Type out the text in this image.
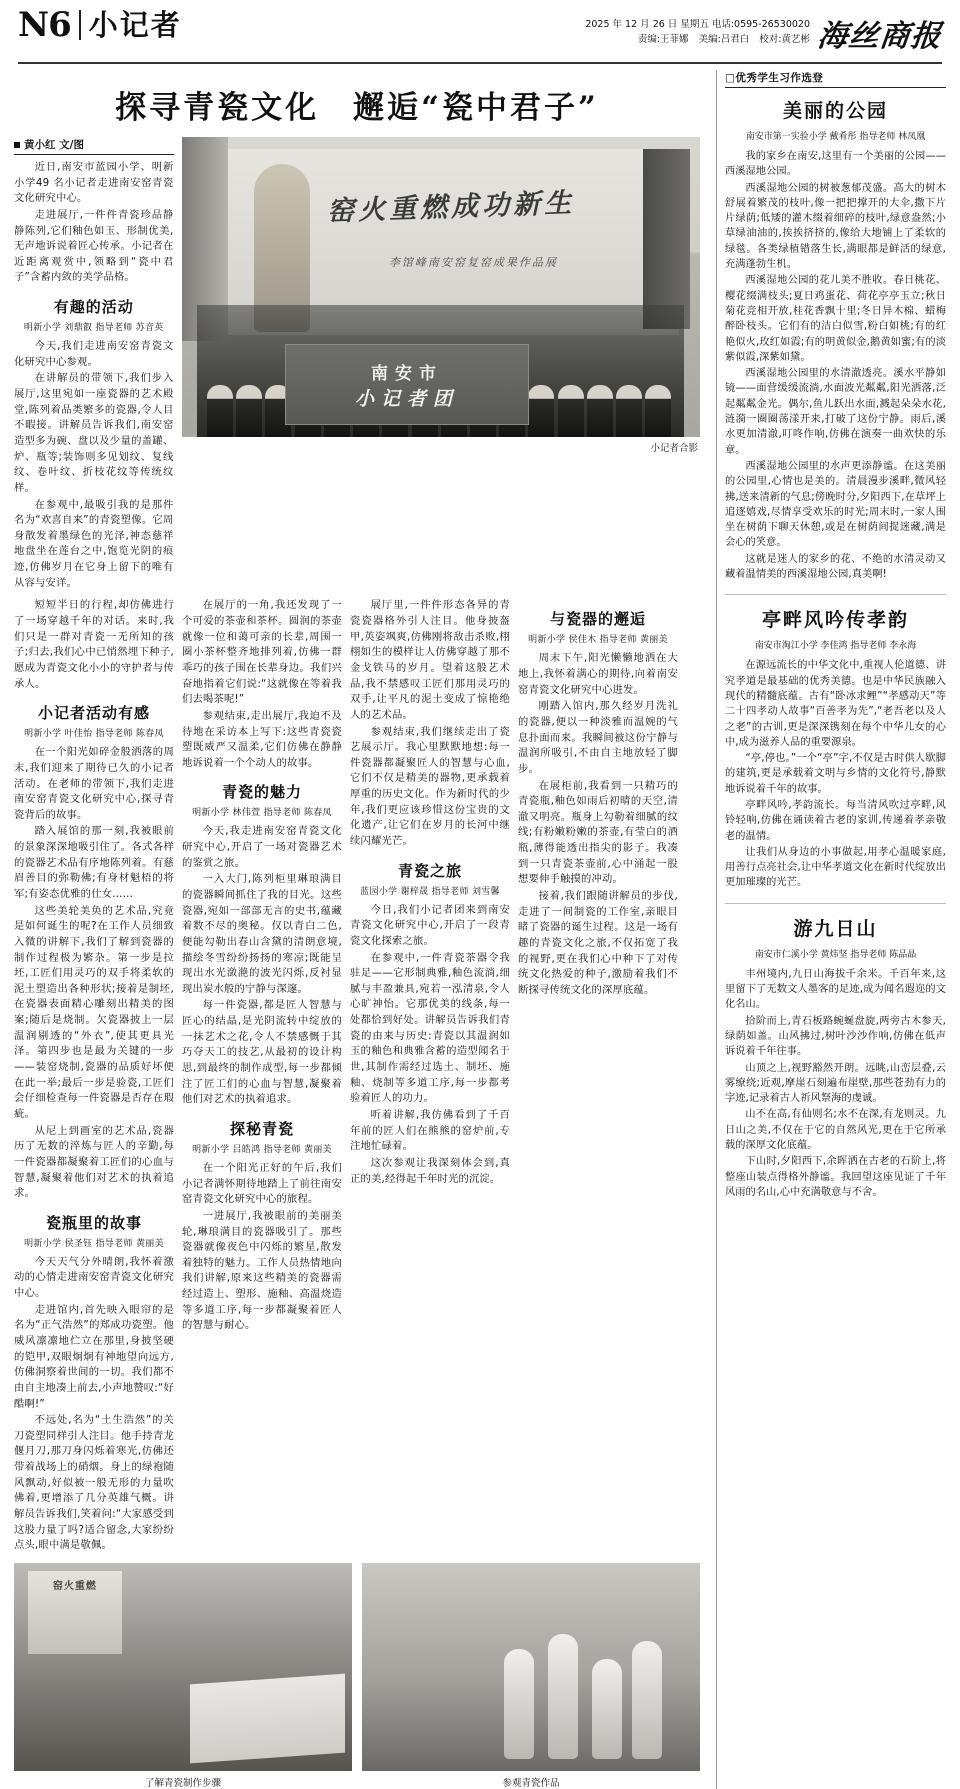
N6 小记者	2025 年 12 月 26 日 星期五 电话:0595-26530020
责编:王菲娜 美编:吕君白 校对:黄艺彬 海丝商报
探寻青瓷文化　邂逅“瓷中君子”
黄小红 文/图

近日,南安市蓝园小学、明新小学49 名小记者走进南安窑青瓷文化研究中心。

走进展厅,一件件青瓷珍品静静陈列,它们釉色如玉、形制优美,无声地诉说着匠心传承。小记者在近距离观赏中,领略到“瓷中君子”含蓄内敛的美学品格。

有趣的活动
明新小学 刘鼎叡 指导老师 苏音英

今天,我们走进南安窑青瓷文化研究中心参观。

在讲解员的带领下,我们步入展厅,这里宛如一座瓷器的艺术殿堂,陈列着品类繁多的瓷器,令人目不暇接。讲解员告诉我们,南安窑造型多为碗、盘以及少量的盖罐、炉、瓶等;装饰则多见划纹、复线纹、卷叶纹、折枝花纹等传统纹样。

在参观中,最吸引我的是那件名为“欢喜自来”的青瓷塑像。它周身散发着墨绿色的光泽,神态慈祥地盘坐在莲台之中,饱览光阴的痕迹,仿佛岁月在它身上留下的唯有从容与安详。

窑火重燃成功新生
李馆峰南安窑复窑成果作品展
南安市
小记者团
小记者合影

短短半日的行程,却仿佛进行了一场穿越千年的对话。来时,我们只是一群对青瓷一无所知的孩子;归去,我们心中已悄然埋下种子,愿成为青瓷文化小小的守护者与传承人。

小记者活动有感
明新小学 叶佳怡 指导老师 陈春凤

在一个阳光如碎金般洒落的周末,我们迎来了期待已久的小记者活动。在老师的带领下,我们走进南安窑青瓷文化研究中心,探寻青瓷背后的故事。

踏入展馆的那一刻,我被眼前的景象深深地吸引住了。各式各样的瓷器艺术品有序地陈列着。有慈眉善目的弥勒佛;有身材魁梧的将军;有姿态优雅的仕女……

这些美轮美奂的艺术品,究竟是如何诞生的呢?在工作人员细致入微的讲解下,我们了解到瓷器的制作过程极为繁杂。第一步是拉坯,工匠们用灵巧的双手将柔软的泥土塑造出各种形状;接着是制坯,在瓷器表面精心雕刻出精美的图案;随后是烧制。欠瓷器披上一层温润剔透的“外衣”,使其更具光泽。第四步也是最为关键的一步——装窑烧制,瓷器的品质好坏便在此一举;最后一步是验瓷,工匠们会仔细检查每一件瓷器是否存在瑕疵。

从尼上到画室的艺术品,瓷器历了无数的淬炼与匠人的辛勤,每一件瓷器都凝聚着工匠们的心血与智慧,凝聚着他们对艺术的执着追求。

瓷瓶里的故事
明新小学 侯圣钰 指导老师 黄丽美

今天天气分外晴朗,我怀着激动的心情走进南安窑青瓷文化研究中心。

走进馆内,首先映入眼帘的是名为“正气浩然”的郑成功瓷塑。他威风凛凛地伫立在那里,身披坚硬的铠甲,双眼炯炯有神地望向远方,仿佛洞察着世间的一切。我们都不由自主地凑上前去,小声地赞叹:“好酷啊!”

不远处,名为“土生浩然”的关刀瓷塑同样引人注目。他手持青龙偃月刀,那刀身闪烁着寒光,仿佛还带着战场上的硝烟。身上的绿袍随风飘动,好似被一般无形的力量吹佛着,更增添了几分英雄气概。讲解员告诉我们,笑着问:“大家感受到这股力量了吗?适合留念,大家纷纷点头,眼中满是敬佩。

在展厅的一角,我还发现了一个可爱的茶壶和茶杯。圆润的茶壶就像一位和蔼可亲的长辈,周围一圈小茶杯整齐地排列着,仿佛一群乖巧的孩子围在长辈身边。我们兴奋地指着它们说:“这就像在等着我们去喝茶呢!”

参观结束,走出展厅,我迫不及待地在采访本上写下:这些青瓷瓷塑既威严又温柔,它们仿佛在静静地诉说着一个个动人的故事。

青瓷的魅力
明新小学 林伟萱 指导老师 陈春凤

今天,我走进南安窑青瓷文化研究中心,开启了一场对瓷器艺术的鉴赏之旅。

一入大门,陈列柜里琳琅满目的瓷器瞬间抓住了我的目光。这些瓷器,宛如一部部无言的史书,蕴藏着数不尽的奥秘。仅以青白二色,便能勾勒出春山含黛的清朗意境,描绘冬雪纷纷扬扬的寒凉;既能呈现出水光潋滟的波光闪烁,反衬显现出炭水般的宁静与深邃。

每一件瓷器,都是匠人智慧与匠心的结晶,是光阴流转中绽放的一抹艺术之花,令人不禁感慨于其巧夺天工的技艺,从最初的设计构思,到最终的制作成型,每一步都倾注了匠工们的心血与智慧,凝聚着他们对艺术的执着追求。

探秘青瓷
明新小学 吕皓鸿 指导老师 黄丽美

在一个阳光正好的午后,我们小记者满怀期待地踏上了前往南安窑青瓷文化研究中心的旅程。

一进展厅,我被眼前的美丽美轮,琳琅满目的瓷器吸引了。那些瓷器就像夜色中闪烁的繁星,散发着独特的魅力。工作人员热情地向我们讲解,原来这些精美的瓷器需经过造上、塑形、施釉、高温烧造等多道工序,每一步都凝聚着匠人的智慧与耐心。

展厅里,一件件形态各异的青瓷瓷器格外引人注目。他身披盔甲,英姿飒爽,仿佛刚将敌击杀败,栩栩如生的模样让人仿佛穿越了那不金戈铁马的岁月。望着这般艺术品,我不禁感叹工匠们那用灵巧的双手,让平凡的泥土变成了惊艳绝人的艺术品。

参观结束,我们继续走出了瓷艺展示厅。我心里默默地想:每一件瓷器都凝聚匠人的智慧与心血,它们不仅是精美的器物,更承载着厚重的历史文化。作为新时代的少年,我们更应该珍惜这份宝贵的文化遗产,让它们在岁月的长河中继续闪耀光芒。

青瓷之旅
蓝园小学 谢梓晟 指导老师 刘雪馨

今日,我们小记者团来到南安青瓷文化研究中心,开启了一段青瓷文化探索之旅。

在参观中,一件青瓷茶器令我驻足——它形制典雅,釉色流淌,细腻与丰盈兼具,宛若一泓清泉,令人心旷神怡。它那优美的线条,每一处都恰到好处。讲解员告诉我们青瓷的由来与历史:青瓷以其温润如玉的釉色和典雅含蓄的造型闻名于世,其制作需经过选土、制坯、施釉、烧制等多道工序,每一步都考验着匠人的功力。

听着讲解,我仿佛看到了千百年前的匠人们在熊熊的窑炉前,专注地忙碌着。

这次参观让我深刻体会到,真正的美,经得起千年时光的沉淀。

与瓷器的邂逅
明新小学 侯佳木 指导老师 黄丽美

周末下午,阳光懒懒地洒在大地上,我怀着满心的期待,向着南安窑青瓷文化研究中心进发。

刚踏入馆内,那久经岁月洗礼的瓷器,便以一种淡雅而温婉的气息扑面而来。我瞬间被这份宁静与温润所吸引,不由自主地放轻了脚步。

在展柜前,我看到一只精巧的青瓷瓶,釉色如雨后初晴的天空,清澈又明亮。瓶身上勾勒着细腻的纹线;有粉嫩粉嫩的茶壶,有莹白的酒瓶,薄得能透出指尖的影子。我凑到一只青瓷茶壶前,心中涌起一股想要伸手触摸的冲动。

接着,我们跟随讲解员的步伐,走进了一间制瓷的工作室,亲眼目睹了瓷器的诞生过程。这是一场有趣的青瓷文化之旅,不仅拓宽了我的视野,更在我们心中种下了对传统文化热爱的种子,激励着我们不断探寻传统文化的深厚底蕴。

窑火重燃
了解青瓷制作步骤	参观青瓷作品
□优秀学生习作选登
美丽的公园
南安市第一实验小学 戴肴彤 指导老师 林凤凰

我的家乡在南安,这里有一个美丽的公园——西溪湿地公园。

西溪湿地公园的树被葱郁茂盛。高大的树木舒展着繁茂的枝叶,像一把把撑开的大伞,撒下片片绿荫;低矮的灌木缀着细碎的枝叶,绿意盎然;小草绿油油的,挨挨挤挤的,像给大地铺上了柔软的绿毯。各类绿植错落生长,满眼都是鲜活的绿意,充满蓬勃生机。

西溪湿地公园的花儿美不胜收。春日桃花、樱花缀满枝头;夏日鸡蛋花、荷花亭亭玉立;秋日菊花竞相开放,桂花香飘十里;冬日异木棉、蜡梅醉卧枝头。它们有的洁白似雪,粉白如桃;有的红艳似火,玫红如霞;有的明黄似金,鹅黄如蜜;有的淡紫似霞,深紫如黛。

西溪湿地公园里的水清澈透亮。溪水平静如镜——面营缓缓流淌,水面波光粼粼,阳光洒落,泛起粼粼金光。偶尔,鱼儿跃出水面,溅起朵朵水花,涟漪一圈圈荡漾开来,打破了这份宁静。雨后,溪水更加清澈,叮咚作响,仿佛在演奏一曲欢快的乐章。

西溪湿地公园里的水声更添静谧。在这美丽的公园里,心情也是美的。清晨漫步溪畔,微风轻拂,送来清新的气息;傍晚时分,夕阳西下,在草坪上追逐嬉戏,尽情享受欢乐的时光;周末时,一家人围坐在树荫下聊天休憩,或是在树荫间捉迷藏,满是会心的笑意。

这就是迷人的家乡的花、不绝的水清灵动又藏着温情美的西溪湿地公园,真美啊!

亭畔风吟传孝韵
南安市淘江小学 李佳鸿 指导老师 李永海

在源远流长的中华文化中,重视人伦道德、讲究孝道是最基础的优秀美德。也是中华民族融入现代的精髓底蕴。古有“卧冰求鲤”“孝感动天”等二十四孝动人故事“百善孝为先”,“老吾老以及人之老”的古训,更是深深镌刻在每个中华儿女的心中,成为滋养人品的重要源泉。

“亭,停也。”一个“亭”字,不仅是古时供人歇脚的建筑,更是承载着文明与乡情的文化符号,静默地诉说着千年的故事。

亭畔风吟,孝韵流长。每当清风吹过亭畔,风铃轻响,仿佛在诵读着古老的家训,传递着孝亲敬老的温情。

让我们从身边的小事做起,用孝心温暖家庭,用善行点亮社会,让中华孝道文化在新时代绽放出更加璀璨的光芒。

游九日山
南安市仁溪小学 黄炜坚 指导老师 陈品晶

丰州境内,九日山海拔千余米。千百年来,这里留下了无数文人墨客的足迹,成为闻名遐迩的文化名山。

拾阶而上,青石板路蜿蜒盘旋,两旁古木参天,绿荫如盖。山风拂过,树叶沙沙作响,仿佛在低声诉说着千年往事。

山顶之上,视野豁然开朗。远眺,山峦层叠,云雾缭绕;近观,摩崖石刻遍布崖壁,那些苍劲有力的字迹,记录着古人祈风祭海的虔诚。

山不在高,有仙则名;水不在深,有龙则灵。九日山之美,不仅在于它的自然风光,更在于它所承载的深厚文化底蕴。

下山时,夕阳西下,余晖洒在古老的石阶上,将整座山装点得格外静谧。我回望这座见证了千年风雨的名山,心中充满敬意与不舍。
